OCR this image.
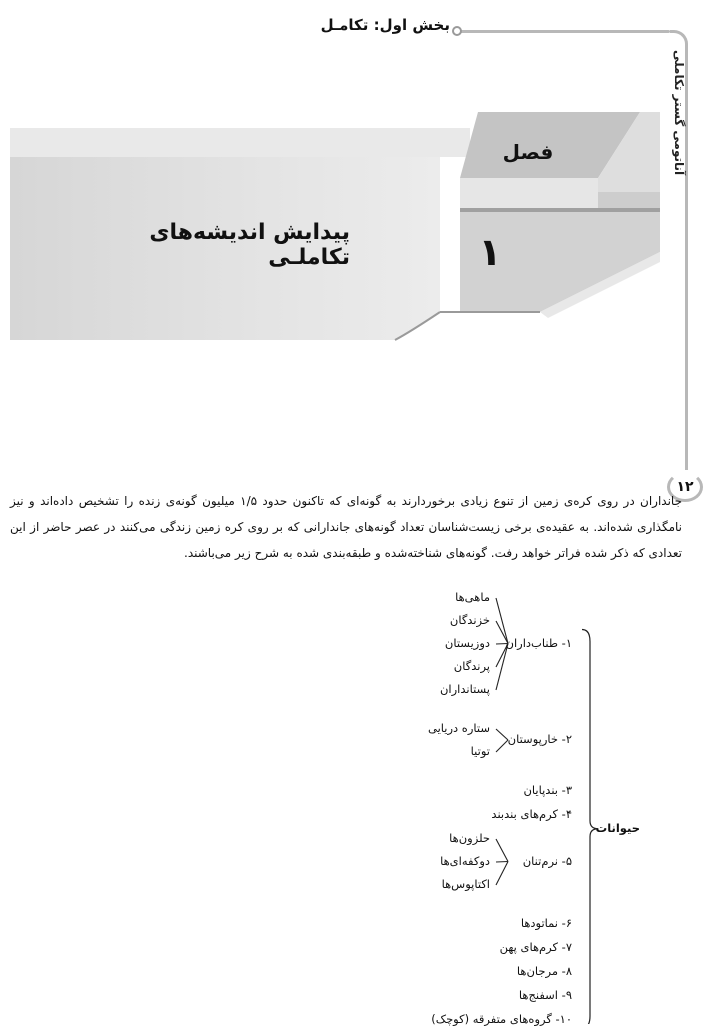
بخش اول: تکامـل
آناتومی گستر تکاملی
۱۲
فصل
۱
پیدایش اندیشه‌های تکاملـی
جانداران در روی کره‌ی زمین از تنوع زیادی برخوردارند به گونه‌ای که تاکنون حدود ۱/۵ میلیون گونه‌ی زنده را تشخیص داده‌اند و نیز نامگذاری شده‌اند. به عقیده‌ی برخی زیست‌شناسان تعداد گونه‌های جاندارانی که بر روی کره زمین زندگی می‌کنند در عصر حاضر از این تعدادی که ذکر شده فراتر خواهد رفت. گونه‌های شناخته‌شده و طبقه‌بندی شده به شرح زیر می‌باشند.
۱- طناب‌داران
ماهی‌ها
خزندگان
دوزیستان
پرندگان
پستانداران
۲- خارپوستان
ستاره دریایی
توتیا
۳- بندپایان
۴- کرم‌های بندبند
۵- نرم‌تنان
حلزون‌ها
دوکفه‌ای‌ها
اکتاپوس‌ها
۶- نماتودها
۷- کرم‌های پهن
۸- مرجان‌ها
۹- اسفنج‌ها
۱۰- گروه‌های متفرقه (کوچک)
حیوانات
